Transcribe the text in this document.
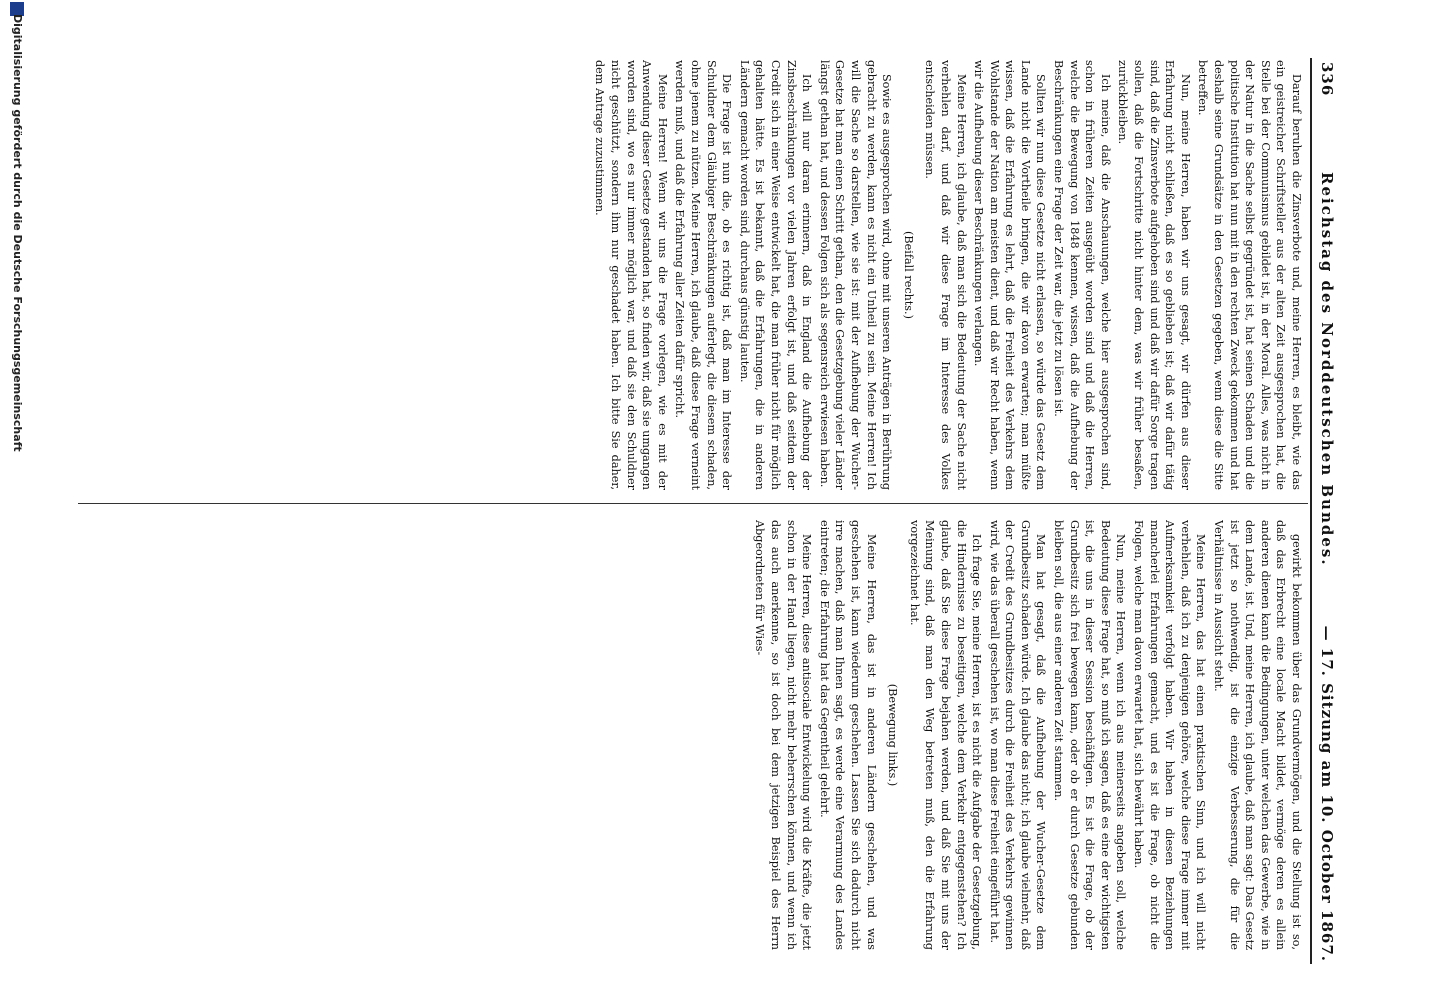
336
Reichstag des Norddeutschen Bundes.
— 17. Sitzung am 10. October 1867.

Darauf beruhen die Zinsverbote und, meine Herren, es bleibt, wie das ein geistreicher Schriftsteller aus der alten Zeit ausgesprochen hat, die Stelle bei der Communismus gebildet ist, in der Moral. Alles, was nicht in der Natur in die Sache selbst gegründet ist, hat seinen Schaden und die politische Institution hat nun mit in den rechten Zweck gekommen und hat deshalb seine Grundsätze in den Gesetzen gegeben, wenn diese die Sitte betreffen.

Nun, meine Herren, haben wir uns gesagt, wir dürfen aus dieser Erfahrung nicht schließen, daß es so geblieben ist; daß wir dafür tätig sind, daß die Zinsverbote aufgehoben sind und daß wir dafür Sorge tragen sollen, daß die Fortschritte nicht hinter dem, was wir früher besaßen, zurückbleiben.

Ich meine, daß die Anschauungen, welche hier ausgesprochen sind, schon in früheren Zeiten ausgeübt worden sind und daß die Herren, welche die Bewegung von 1848 kennen, wissen, daß die Aufhebung der Beschränkungen eine Frage der Zeit war, die jetzt zu lösen ist.

Sollten wir nun diese Gesetze nicht erlassen, so würde das Gesetz dem Lande nicht die Vortheile bringen, die wir davon erwarten; man müßte wissen, daß die Erfahrung es lehrt, daß die Freiheit des Verkehrs dem Wohlstande der Nation am meisten dient, und daß wir Recht haben, wenn wir die Aufhebung dieser Beschränkungen verlangen.

Meine Herren, ich glaube, daß man sich die Bedeutung der Sache nicht verhehlen darf, und daß wir diese Frage im Interesse des Volkes entscheiden müssen.

(Beifall rechts.)

Sowie es ausgesprochen wird, ohne mit unseren Anträgen in Berührung gebracht zu werden, kann es nicht ein Unheil zu sein. Meine Herren! Ich will die Sache so darstellen, wie sie ist: mit der Aufhebung der Wucher-Gesetze hat man einen Schritt gethan, den die Gesetzgebung vieler Länder längst gethan hat, und dessen Folgen sich als segensreich erwiesen haben.

Ich will nur daran erinnern, daß in England die Aufhebung der Zinsbeschränkungen vor vielen Jahren erfolgt ist, und daß seitdem der Credit sich in einer Weise entwickelt hat, die man früher nicht für möglich gehalten hätte. Es ist bekannt, daß die Erfahrungen, die in anderen Ländern gemacht worden sind, durchaus günstig lauten.

Die Frage ist nun die, ob es richtig ist, daß man im Interesse der Schuldner dem Gläubiger Beschränkungen auferlegt, die diesem schaden, ohne jenem zu nützen. Meine Herren, ich glaube, daß diese Frage verneint werden muß, und daß die Erfahrung aller Zeiten dafür spricht.

Meine Herren! Wenn wir uns die Frage vorlegen, wie es mit der Anwendung dieser Gesetze gestanden hat, so finden wir, daß sie umgangen worden sind, wo es nur immer möglich war, und daß sie den Schuldner nicht geschützt, sondern ihm nur geschadet haben. Ich bitte Sie daher, dem Antrage zuzustimmen.

gewirkt bekommen über das Grundvermögen, und die Stellung ist so, daß das Erbrecht eine locale Macht bildet, vermöge deren es allein anderen dienen kann die Bedingungen, unter welchen das Gewerbe, wie in dem Lande, ist. Und, meine Herren, ich glaube, daß man sagt: Das Gesetz ist jetzt so nothwendig, ist die einzige Verbesserung, die für die Verhältnisse in Aussicht steht.

Meine Herren, das hat einen praktischen Sinn, und ich will nicht verhehlen, daß ich zu denjenigen gehöre, welche diese Frage immer mit Aufmerksamkeit verfolgt haben. Wir haben in diesen Beziehungen mancherlei Erfahrungen gemacht, und es ist die Frage, ob nicht die Folgen, welche man davon erwartet hat, sich bewährt haben.

Nun, meine Herren, wenn ich aus meinerseits angeben soll, welche Bedeutung diese Frage hat, so muß ich sagen, daß es eine der wichtigsten ist, die uns in dieser Session beschäftigen. Es ist die Frage, ob der Grundbesitz sich frei bewegen kann, oder ob er durch Gesetze gebunden bleiben soll, die aus einer anderen Zeit stammen.

Man hat gesagt, daß die Aufhebung der Wucher-Gesetze dem Grundbesitz schaden würde. Ich glaube das nicht; ich glaube vielmehr, daß der Credit des Grundbesitzes durch die Freiheit des Verkehrs gewinnen wird, wie das überall geschehen ist, wo man diese Freiheit eingeführt hat.

Ich frage Sie, meine Herren, ist es nicht die Aufgabe der Gesetzgebung, die Hindernisse zu beseitigen, welche dem Verkehr entgegenstehen? Ich glaube, daß Sie diese Frage bejahen werden, und daß Sie mit uns der Meinung sind, daß man den Weg betreten muß, den die Erfahrung vorgezeichnet hat.

(Bewegung links.)

Meine Herren, das ist in anderen Ländern geschehen, und was geschehen ist, kann wiederum geschehen. Lassen Sie sich dadurch nicht irre machen, daß man Ihnen sagt, es werde eine Verarmung des Landes eintreten; die Erfahrung hat das Gegentheil gelehrt.

Meine Herren, diese antisociale Entwickelung wird die Kräfte, die jetzt schon in der Hand liegen, nicht mehr beherrschen können, und wenn ich das auch anerkenne, so ist doch bei dem jetzigen Beispiel des Herrn Abgeordneten für Wies-

Digitalisierung gefördert durch die Deutsche Forschungsgemeinschaft
